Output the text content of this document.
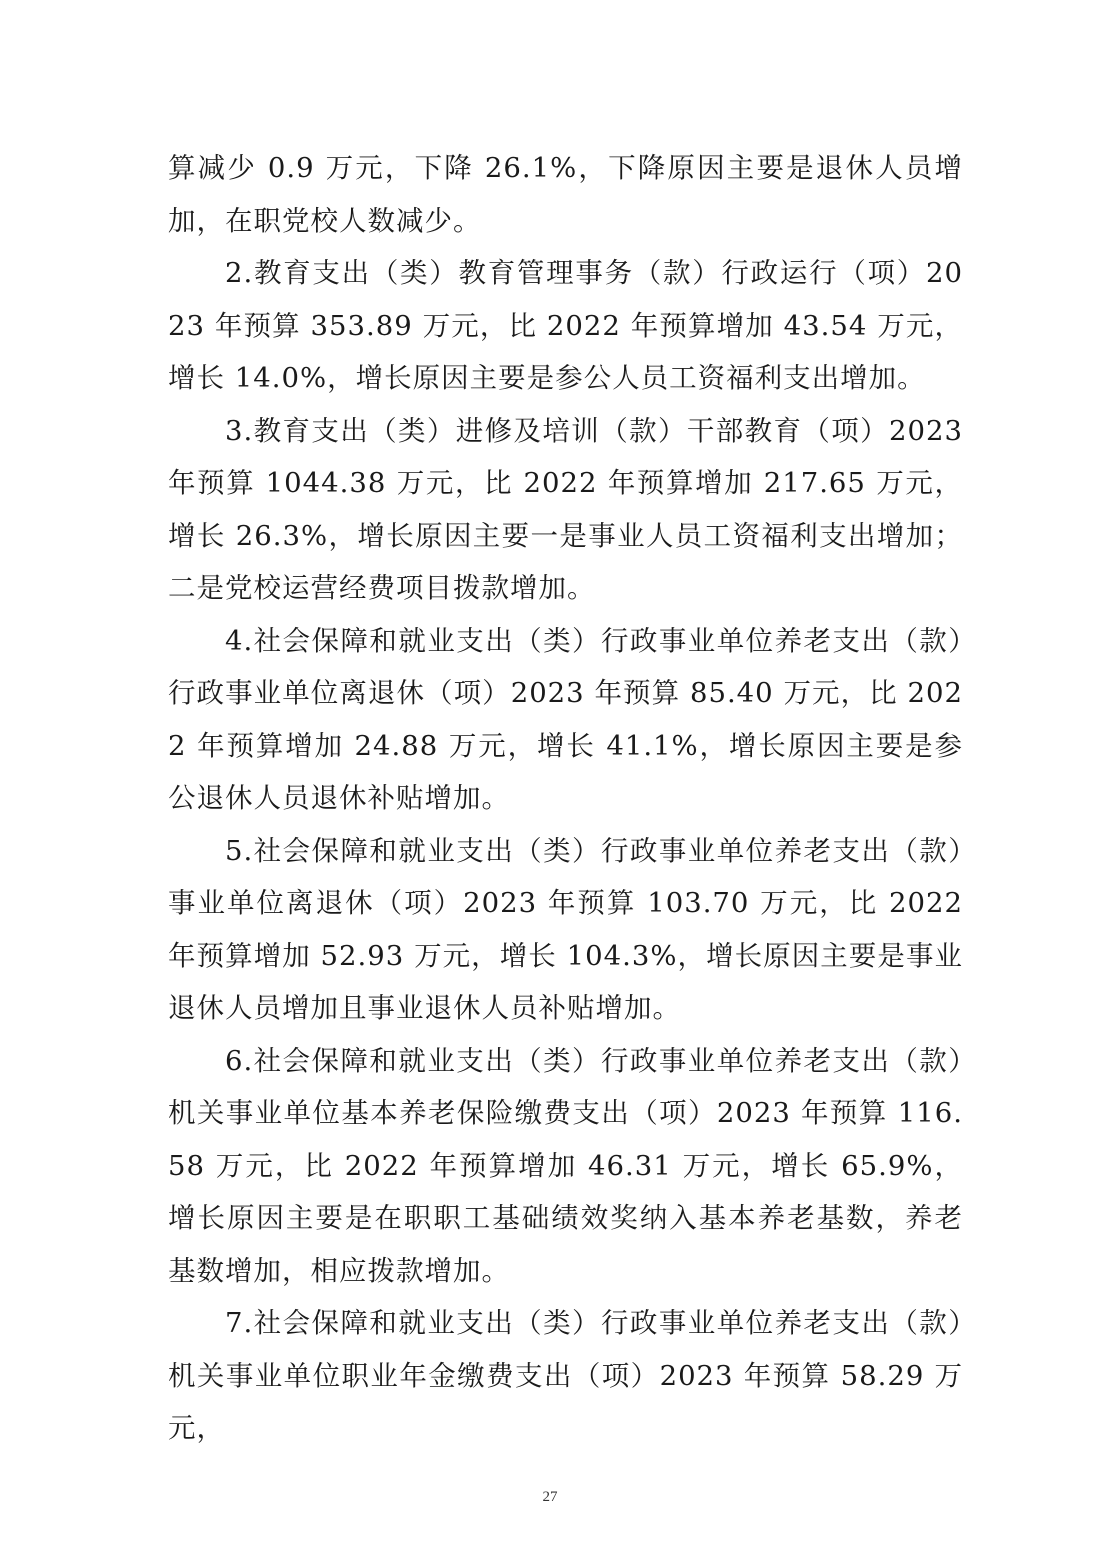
算减少 0.9 万元，下降 26.1%，下降原因主要是退休人员增加，在职党校人数减少。

2.教育支出（类）教育管理事务（款）行政运行（项）2023 年预算 353.89 万元，比 2022 年预算增加 43.54 万元，增长 14.0%，增长原因主要是参公人员工资福利支出增加。

3.教育支出（类）进修及培训（款）干部教育（项）2023 年预算 1044.38 万元，比 2022 年预算增加 217.65 万元，增长 26.3%，增长原因主要一是事业人员工资福利支出增加；二是党校运营经费项目拨款增加。

4.社会保障和就业支出（类）行政事业单位养老支出（款）行政事业单位离退休（项）2023 年预算 85.40 万元，比 2022 年预算增加 24.88 万元，增长 41.1%，增长原因主要是参公退休人员退休补贴增加。

5.社会保障和就业支出（类）行政事业单位养老支出（款）事业单位离退休（项）2023 年预算 103.70 万元，比 2022 年预算增加 52.93 万元，增长 104.3%，增长原因主要是事业退休人员增加且事业退休人员补贴增加。

6.社会保障和就业支出（类）行政事业单位养老支出（款）机关事业单位基本养老保险缴费支出（项）2023 年预算 116.58 万元，比 2022 年预算增加 46.31 万元，增长 65.9%，增长原因主要是在职职工基础绩效奖纳入基本养老基数，养老基数增加，相应拨款增加。

7.社会保障和就业支出（类）行政事业单位养老支出（款）机关事业单位职业年金缴费支出（项）2023 年预算 58.29 万元，

27
